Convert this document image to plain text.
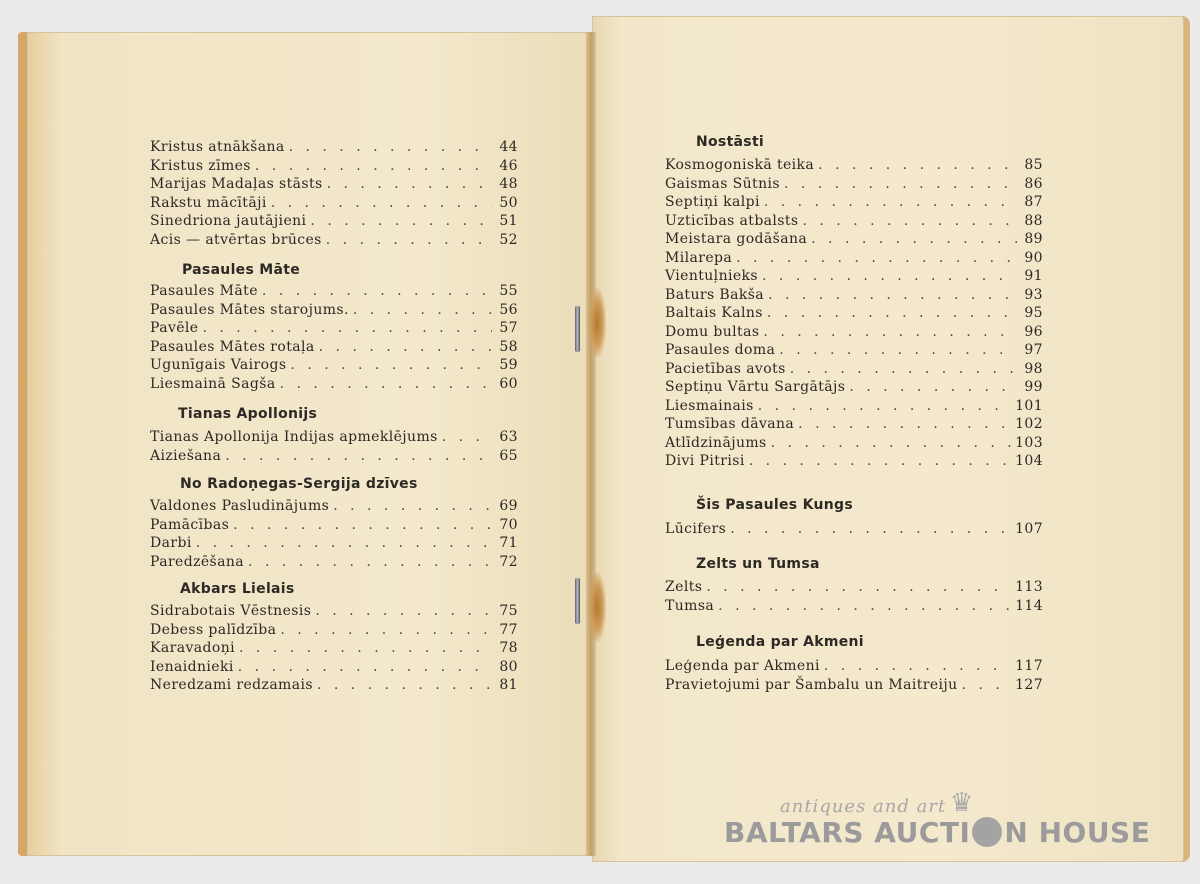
Kristus atnākšana . . .	44
Kristus zīmes . . .	46
Marijas Madaļas stāsts . . .	48
Rakstu mācītāji . . .	50
Sinedriona jautājieni . . .	51
Acis — atvērtas brūces . . .	52
Pasaules Māte
Pasaules Māte . . .	55
Pasaules Mātes starojums. . . .	56
Pavēle . . .	57
Pasaules Mātes rotaļa . . .	58
Ugunīgais Vairogs . . .	59
Liesmainā Sagša . . .	60
Tianas Apollonijs
Tianas Apollonija Indijas apmeklējums . . .	63
Aiziešana . . .	65
No Radoņegas-Sergija dzīves
Valdones Pasludinājums . . .	69
Pamācības . . .	70
Darbi . . .	71
Paredzēšana . . .	72
Akbars Lielais
Sidrabotais Vēstnesis . . .	75
Debess palīdzība . . .	77
Karavadoņi . . .	78
Ienaidnieki . . .	80
Neredzami redzamais . . .	81
Nostāsti
Kosmogoniskā teika . . .	85
Gaismas Sūtnis . . .	86
Septiņi kalpi . . .	87
Uzticības atbalsts . . .	88
Meistara godāšana . . .	89
Milarepa . . .	90
Vientuļnieks . . .	91
Baturs Bakša . . .	93
Baltais Kalns . . .	95
Domu bultas . . .	96
Pasaules doma . . .	97
Pacietības avots . . .	98
Septiņu Vārtu Sargātājs . . .	99
Liesmainais . . .	101
Tumsības dāvana . . .	102
Atlīdzinājums . . .	103
Divi Pitrisi . . .	104
Šis Pasaules Kungs
Lūcifers . . .	107
Zelts un Tumsa
Zelts . . .	113
Tumsa . . .	114
Leģenda par Akmeni
Leģenda par Akmeni . . .	117
Pravietojumi par Šambalu un Maitreiju . . .	127
antiques and art ♛
BALTARS AUCTI N HOUSE
